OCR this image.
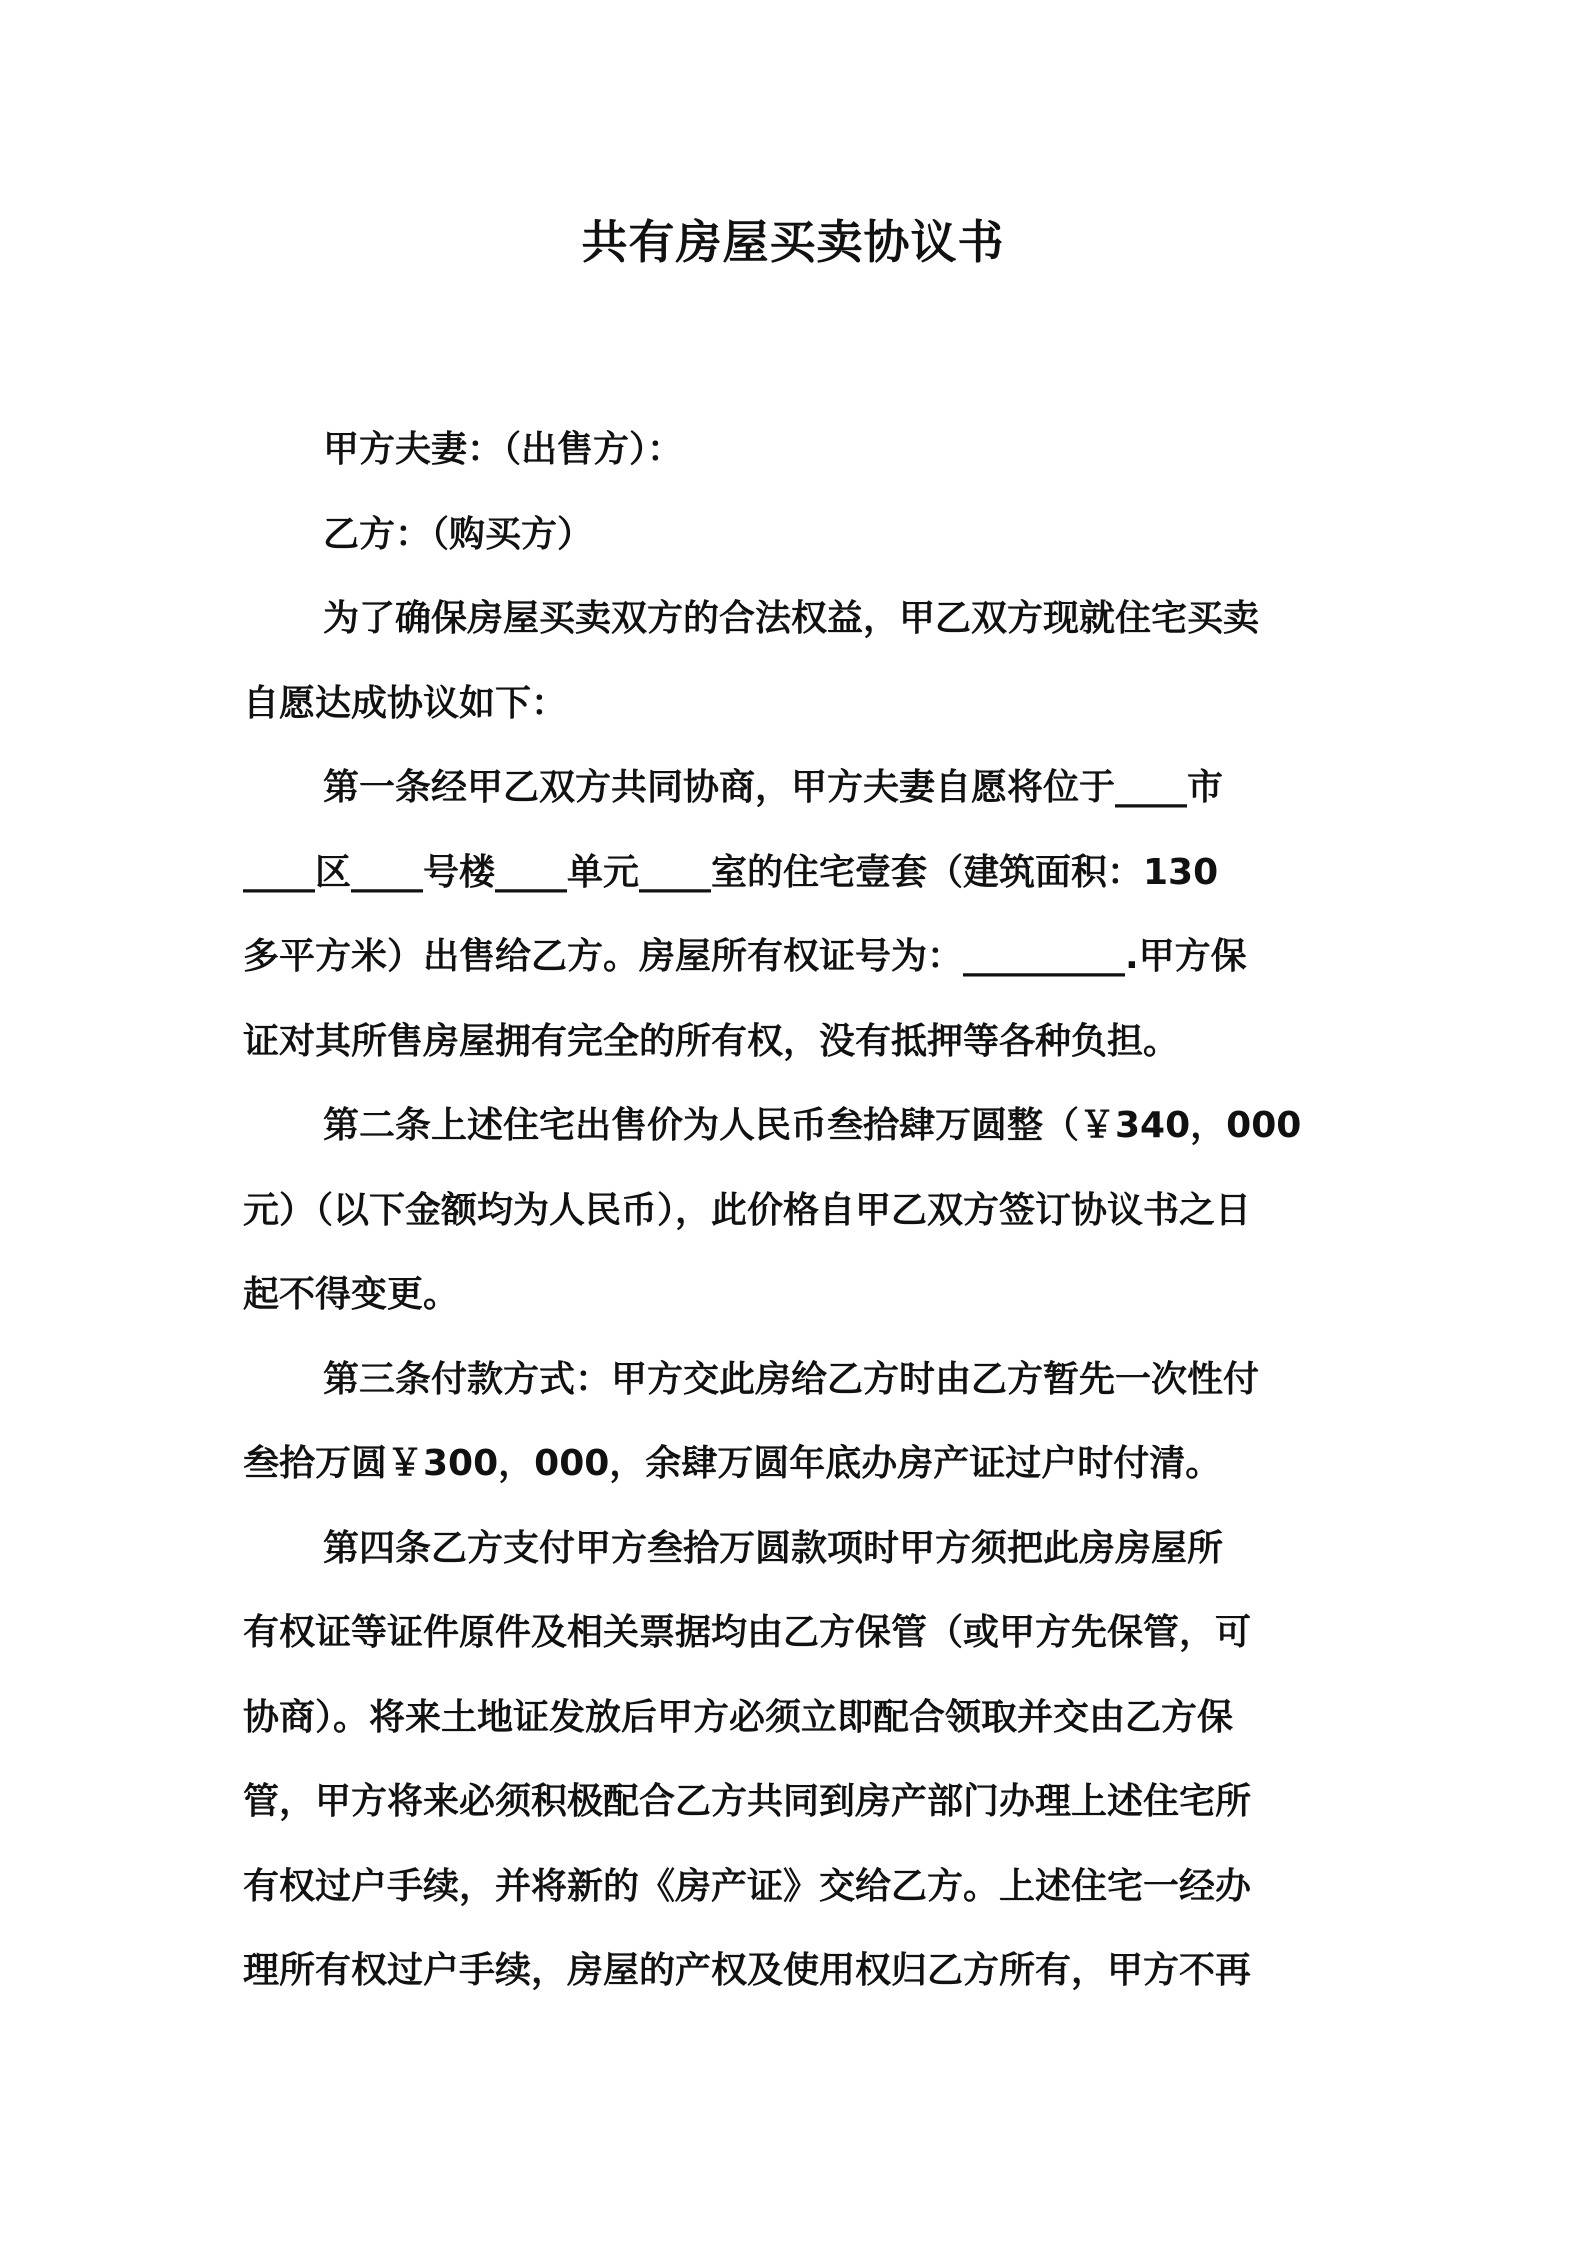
共有房屋买卖协议书

甲方夫妻：（出售方）：

乙方：（购买方）

为了确保房屋买卖双方的合法权益，甲乙双方现就住宅买卖
自愿达成协议如下：

第一条经甲乙双方共同协商，甲方夫妻自愿将位于____市
____区____号楼____单元____室的住宅壹套（建筑面积：130
多平方米）出售给乙方。房屋所有权证号为：_________.甲方保
证对其所售房屋拥有完全的所有权，没有抵押等各种负担。

第二条上述住宅出售价为人民币叁拾肆万圆整（￥340，000
元）（以下金额均为人民币），此价格自甲乙双方签订协议书之日
起不得变更。

第三条付款方式：甲方交此房给乙方时由乙方暂先一次性付
叁拾万圆￥300，000，余肆万圆年底办房产证过户时付清。

第四条乙方支付甲方叁拾万圆款项时甲方须把此房房屋所
有权证等证件原件及相关票据均由乙方保管（或甲方先保管，可
协商）。将来土地证发放后甲方必须立即配合领取并交由乙方保
管，甲方将来必须积极配合乙方共同到房产部门办理上述住宅所
有权过户手续，并将新的《房产证》交给乙方。上述住宅一经办
理所有权过户手续，房屋的产权及使用权归乙方所有，甲方不再
